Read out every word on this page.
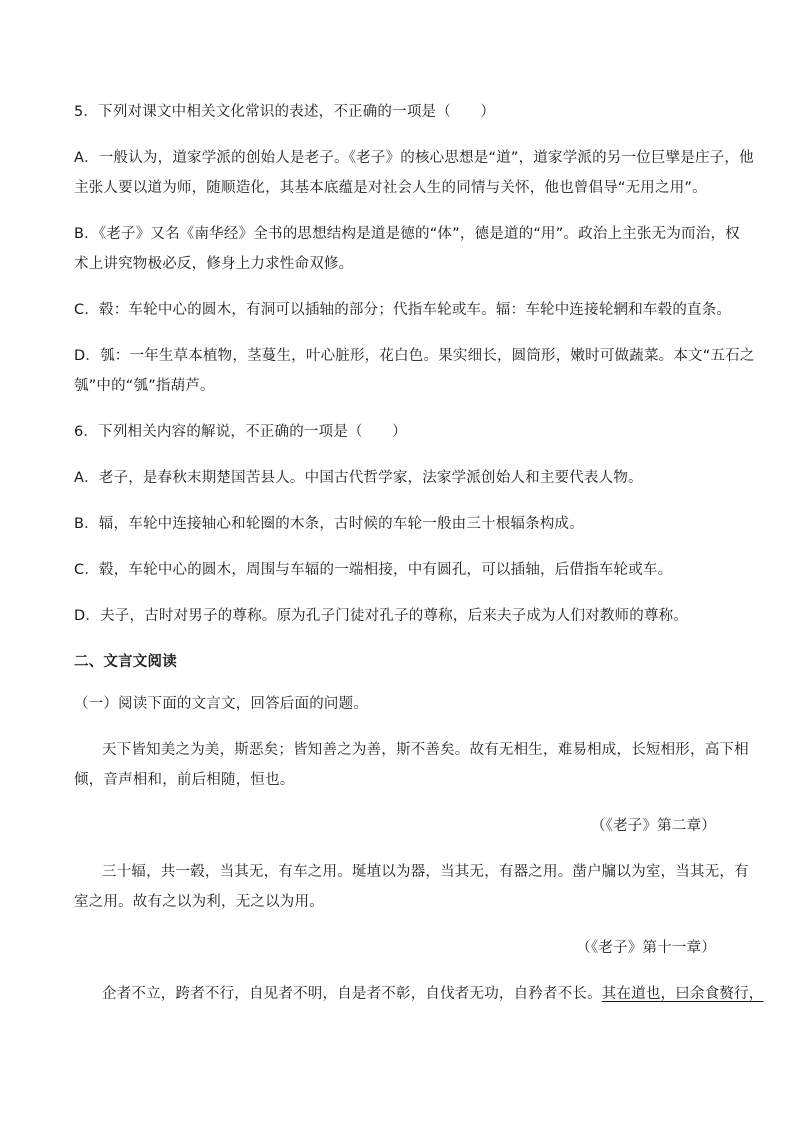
5．下列对课文中相关文化常识的表述，不正确的一项是（　　）
A．一般认为，道家学派的创始人是老子。《老子》的核心思想是“道”，道家学派的另一位巨擘是庄子，他
主张人要以道为师，随顺造化，其基本底蕴是对社会人生的同情与关怀，他也曾倡导“无用之用”。
B．《老子》又名《南华经》全书的思想结构是道是德的“体”，德是道的“用”。政治上主张无为而治，权
术上讲究物极必反，修身上力求性命双修。
C．毂：车轮中心的圆木，有洞可以插轴的部分；代指车轮或车。辐：车轮中连接轮辋和车毂的直条。
D．瓠：一年生草本植物，茎蔓生，叶心脏形，花白色。果实细长，圆筒形，嫩时可做蔬菜。本文“五石之
瓠”中的“瓠”指葫芦。
6．下列相关内容的解说，不正确的一项是（　　）
A．老子，是春秋末期楚国苦县人。中国古代哲学家，法家学派创始人和主要代表人物。
B．辐，车轮中连接轴心和轮圈的木条，古时候的车轮一般由三十根辐条构成。
C．毂，车轮中心的圆木，周围与车辐的一端相接，中有圆孔，可以插轴，后借指车轮或车。
D．夫子，古时对男子的尊称。原为孔子门徒对孔子的尊称，后来夫子成为人们对教师的尊称。
二、文言文阅读
（一）阅读下面的文言文，回答后面的问题。
天下皆知美之为美，斯恶矣；皆知善之为善，斯不善矣。故有无相生，难易相成，长短相形，高下相
倾，音声相和，前后相随，恒也。
（《老子》第二章）
三十辐，共一毂，当其无，有车之用。埏埴以为器，当其无，有器之用。凿户牖以为室，当其无，有
室之用。故有之以为利，无之以为用。
（《老子》第十一章）
企者不立，跨者不行，自见者不明，自是者不彰，自伐者无功，自矜者不长。其在道也，曰余食赘行，
